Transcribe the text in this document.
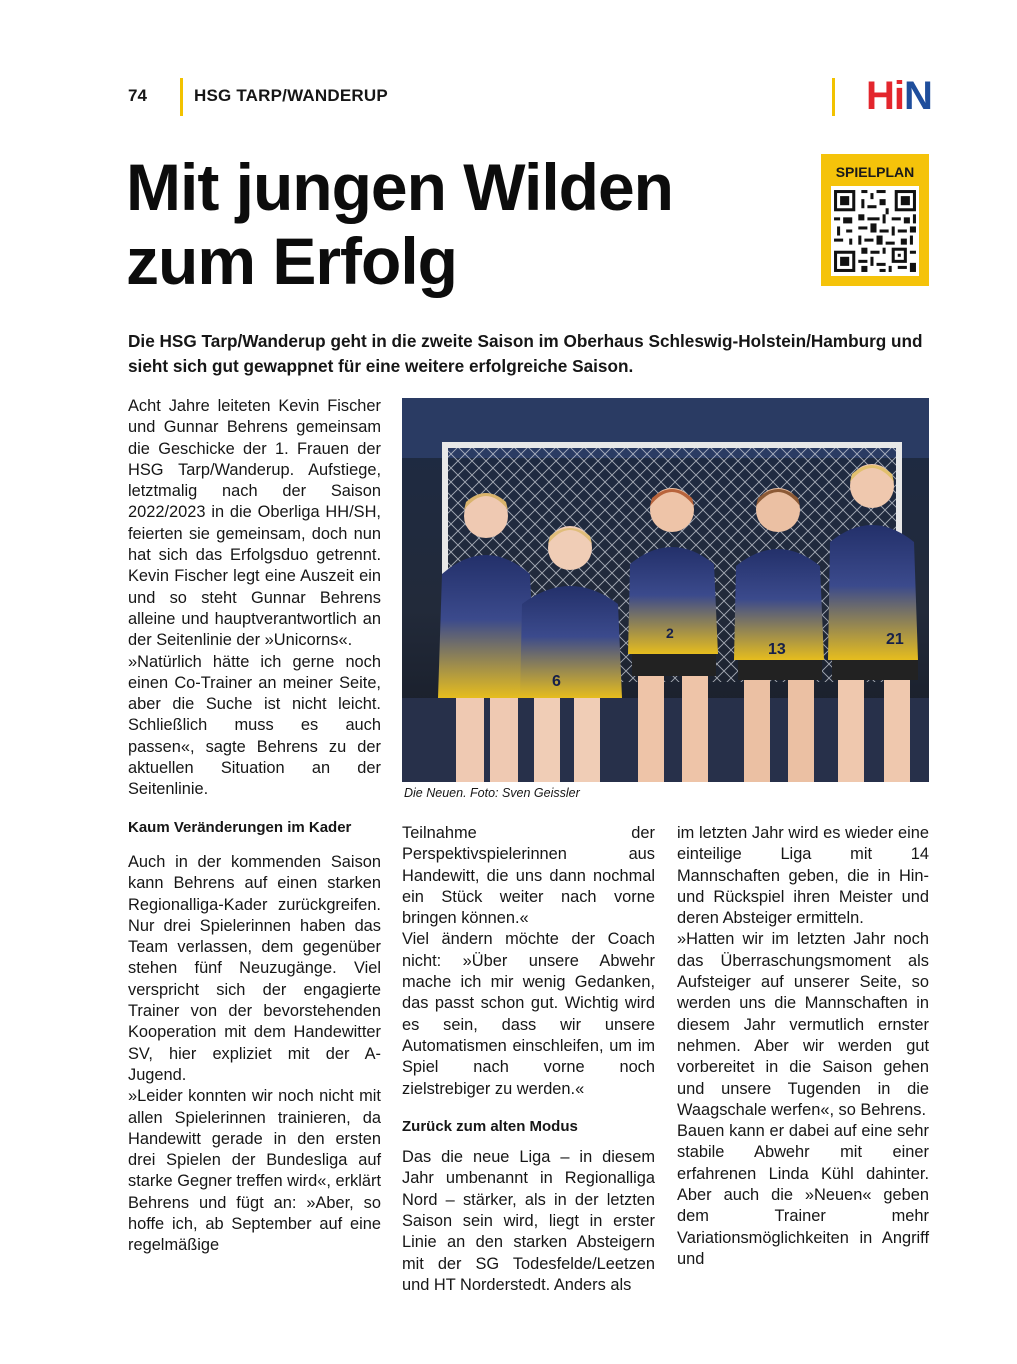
74	HSG TARP/WANDERUP	HiN
Mit jungen Wilden
zum Erfolg
SPIELPLAN
Die HSG Tarp/Wanderup geht in die zweite Saison im Oberhaus Schleswig-Holstein/Hamburg und sieht sich gut gewappnet für eine weitere erfolgreiche Saison.

Acht Jahre leiteten Kevin Fischer und Gunnar Behrens gemeinsam die Geschicke der 1. Frauen der HSG Tarp/Wanderup. Aufstiege, letztmalig nach der Saison 2022/2023 in die Oberliga HH/SH, feierten sie gemeinsam, doch nun hat sich das Erfolgsduo getrennt. Kevin Fischer legt eine Auszeit ein und so steht Gunnar Behrens alleine und hauptverantwortlich an der Seitenlinie der »Unicorns«.

»Natürlich hätte ich gerne noch einen Co-Trainer an meiner Seite, aber die Suche ist nicht leicht. Schließlich muss es auch passen«, sagte Behrens zu der aktuellen Situation an der Seitenlinie.

Kaum Veränderungen im Kader

Auch in der kommenden Saison kann Behrens auf einen starken Regionalliga-Kader zurückgreifen. Nur drei Spielerinnen haben das Team verlassen, dem gegenüber stehen fünf Neuzugänge. Viel verspricht sich der engagierte Trainer von der bevorstehenden Kooperation mit dem Handewitter SV, hier expliziet mit der A-Jugend.

»Leider konnten wir noch nicht mit allen Spielerinnen trainieren, da Handewitt gerade in den ersten drei Spielen der Bundesliga auf starke Gegner treffen wird«, erklärt Behrens und fügt an: »Aber, so hoffe ich, ab September auf eine regelmäßige

6
2
13
21
Die Neuen. Foto: Sven Geissler

Teilnahme der Perspektivspielerinnen aus Handewitt, die uns dann nochmal ein Stück weiter nach vorne bringen können.«

Viel ändern möchte der Coach nicht: »Über unsere Abwehr mache ich mir wenig Gedanken, das passt schon gut. Wichtig wird es sein, dass wir unsere Automatismen einschleifen, um im Spiel nach vorne noch zielstrebiger zu werden.«

Zurück zum alten Modus

Das die neue Liga – in diesem Jahr umbenannt in Regionalliga Nord – stärker, als in der letzten Saison sein wird, liegt in erster Linie an den starken Absteigern mit der SG Todesfelde/Leetzen und HT Norderstedt. Anders als

im letzten Jahr wird es wieder eine einteilige Liga mit 14 Mannschaften geben, die in Hin- und Rückspiel ihren Meister und deren Absteiger ermitteln.

»Hatten wir im letzten Jahr noch das Überraschungsmoment als Aufsteiger auf unserer Seite, so werden uns die Mannschaften in diesem Jahr vermutlich ernster nehmen. Aber wir werden gut vorbereitet in die Saison gehen und unsere Tugenden in die Waagschale werfen«, so Behrens.

Bauen kann er dabei auf eine sehr stabile Abwehr mit einer erfahrenen Linda Kühl dahinter. Aber auch die »Neuen« geben dem Trainer mehr Variationsmöglichkeiten in Angriff und
